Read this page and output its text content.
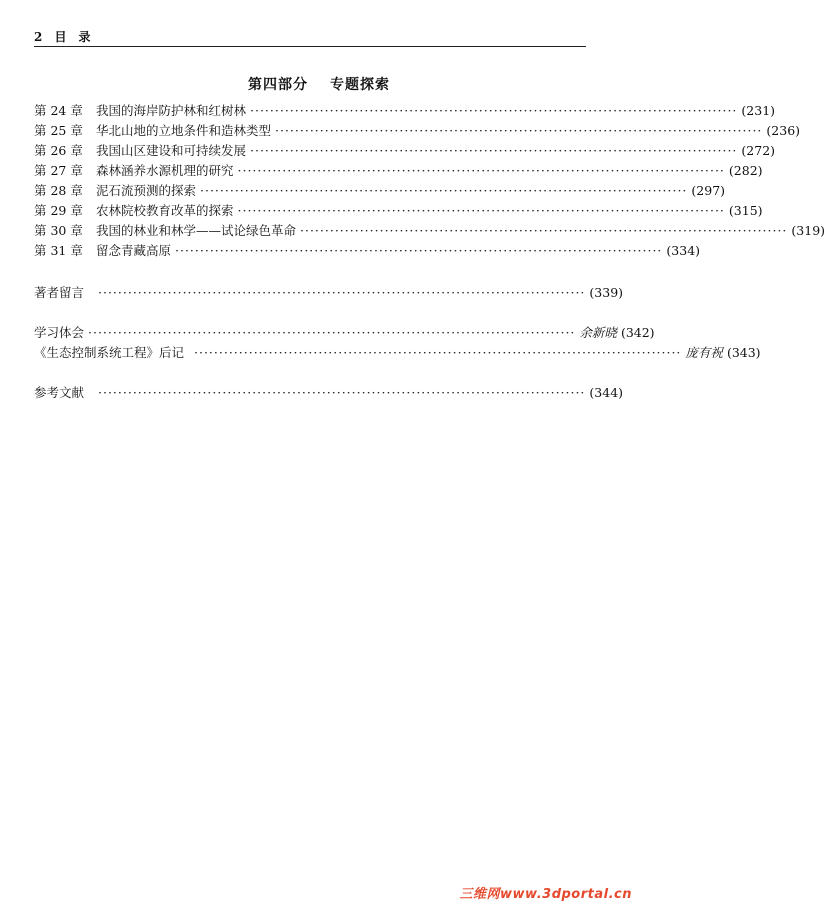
2 目　录
第四部分 专题探索
第 24 章	我国的海岸防护林和红树林 ·································································································· (231)
第 25 章	华北山地的立地条件和造林类型 ·································································································· (236)
第 26 章	我国山区建设和可持续发展 ·································································································· (272)
第 27 章	森林涵养水源机理的研究 ·································································································· (282)
第 28 章	泥石流预测的探索 ·································································································· (297)
第 29 章	农林院校教育改革的探索 ·································································································· (315)
第 30 章	我国的林业和林学——试论绿色革命 ·································································································· (319)
第 31 章	留念青藏高原 ·································································································· (334)
著者留言 ·································································································· (339)
学习体会 ·································································································· 余新晓 (342)
《生态控制系统工程》后记 ·································································································· 庞有祝 (343)
参考文献 ·································································································· (344)
三维网www.3dportal.cn
